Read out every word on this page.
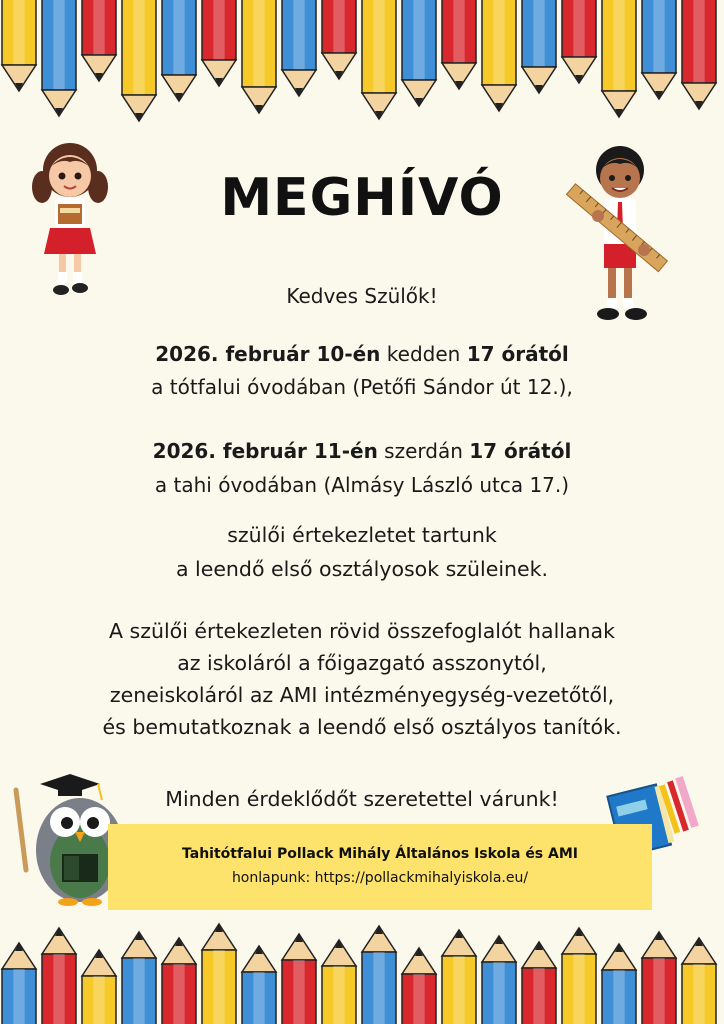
MEGHÍVÓ
Kedves Szülők!
2026. február 10-én kedden 17 órától
a tótfalui óvodában (Petőfi Sándor út 12.),
2026. február 11-én szerdán 17 órától
a tahi óvodában (Almásy László utca 17.)
szülői értekezletet tartunk
a leendő első osztályosok szüleinek.
A szülői értekezleten rövid összefoglalót hallanak
az iskoláról a főigazgató asszonytól,
zeneiskoláról az AMI intézményegység-vezetőtől,
és bemutatkoznak a leendő első osztályos tanítók.
Minden érdeklődőt szeretettel várunk!
Tahitótfalui Pollack Mihály Általános Iskola és AMI
honlapunk: https://pollackmihalyiskola.eu/
